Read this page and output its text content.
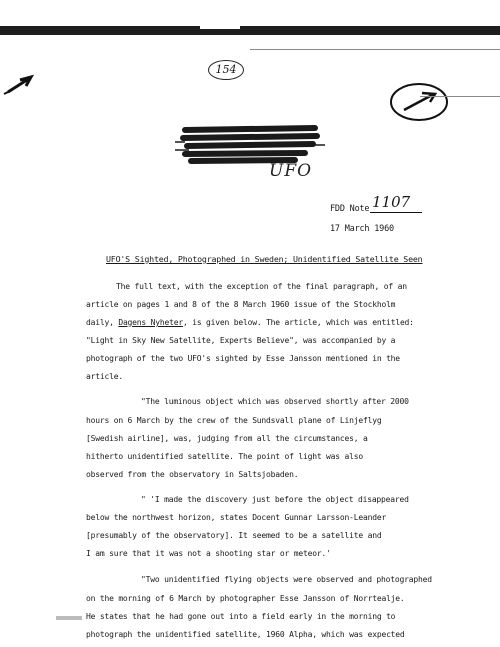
154
UFO
FDD Note 1107
17 March 1960
UFO'S Sighted, Photographed in Sweden; Unidentified Satellite Seen
The full text, with the exception of the final paragraph, of an
article on pages 1 and 8 of the 8 March 1960 issue of the Stockholm
daily, Dagens Nyheter, is given below. The article, which was entitled:
"Light in Sky New Satellite, Experts Believe", was accompanied by a
photograph of the two UFO's sighted by Esse Jansson mentioned in the
article.
"The luminous object which was observed shortly after 2000
hours on 6 March by the crew of the Sundsvall plane of Linjeflyg
[Swedish airline], was, judging from all the circumstances, a
hitherto unidentified satellite. The point of light was also
observed from the observatory in Saltsjobaden.
" 'I made the discovery just before the object disappeared
below the northwest horizon, states Docent Gunnar Larsson-Leander
[presumably of the observatory]. It seemed to be a satellite and
I am sure that it was not a shooting star or meteor.'
"Two unidentified flying objects were observed and photographed
on the morning of 6 March by photographer Esse Jansson of Norrtealje.
He states that he had gone out into a field early in the morning to
photograph the unidentified satellite, 1960 Alpha, which was expected
